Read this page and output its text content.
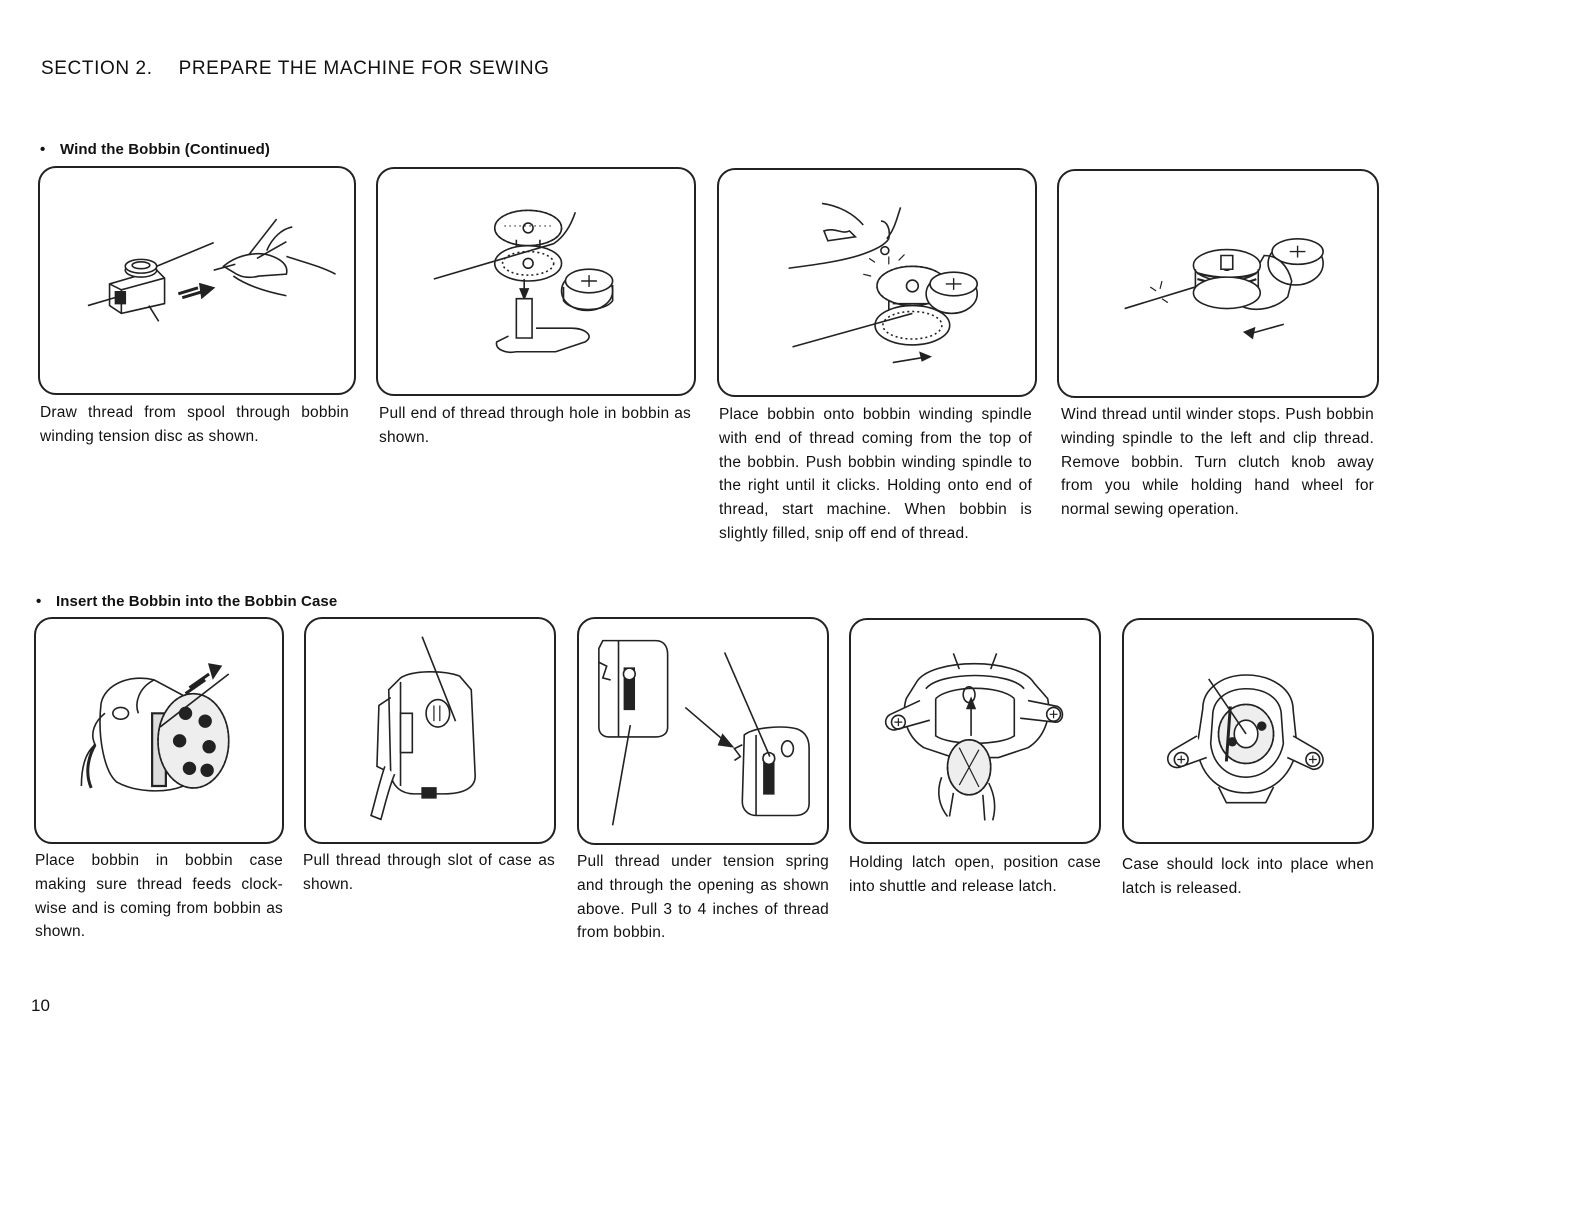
SECTION 2. PREPARE THE MACHINE FOR SEWING
• Wind the Bobbin (Continued)
Draw thread from spool through bobbin winding tension disc as shown.
Pull end of thread through hole in bobbin as shown.
Place bobbin onto bobbin winding spindle with end of thread coming from the top of the bobbin. Push bobbin winding spindle to the right until it clicks. Holding onto end of thread, start machine. When bobbin is slightly filled, snip off end of thread.
Wind thread until winder stops. Push bobbin winding spindle to the left and clip thread. Remove bobbin. Turn clutch knob away from you while holding hand wheel for normal sewing operation.
• Insert the Bobbin into the Bobbin Case
Place bobbin in bobbin case making sure thread feeds clock-wise and is coming from bobbin as shown.
Pull thread through slot of case as shown.
Pull thread under tension spring and through the opening as shown above. Pull 3 to 4 inches of thread from bobbin.
Holding latch open, position case into shuttle and release latch.
Case should lock into place when latch is released.
10
